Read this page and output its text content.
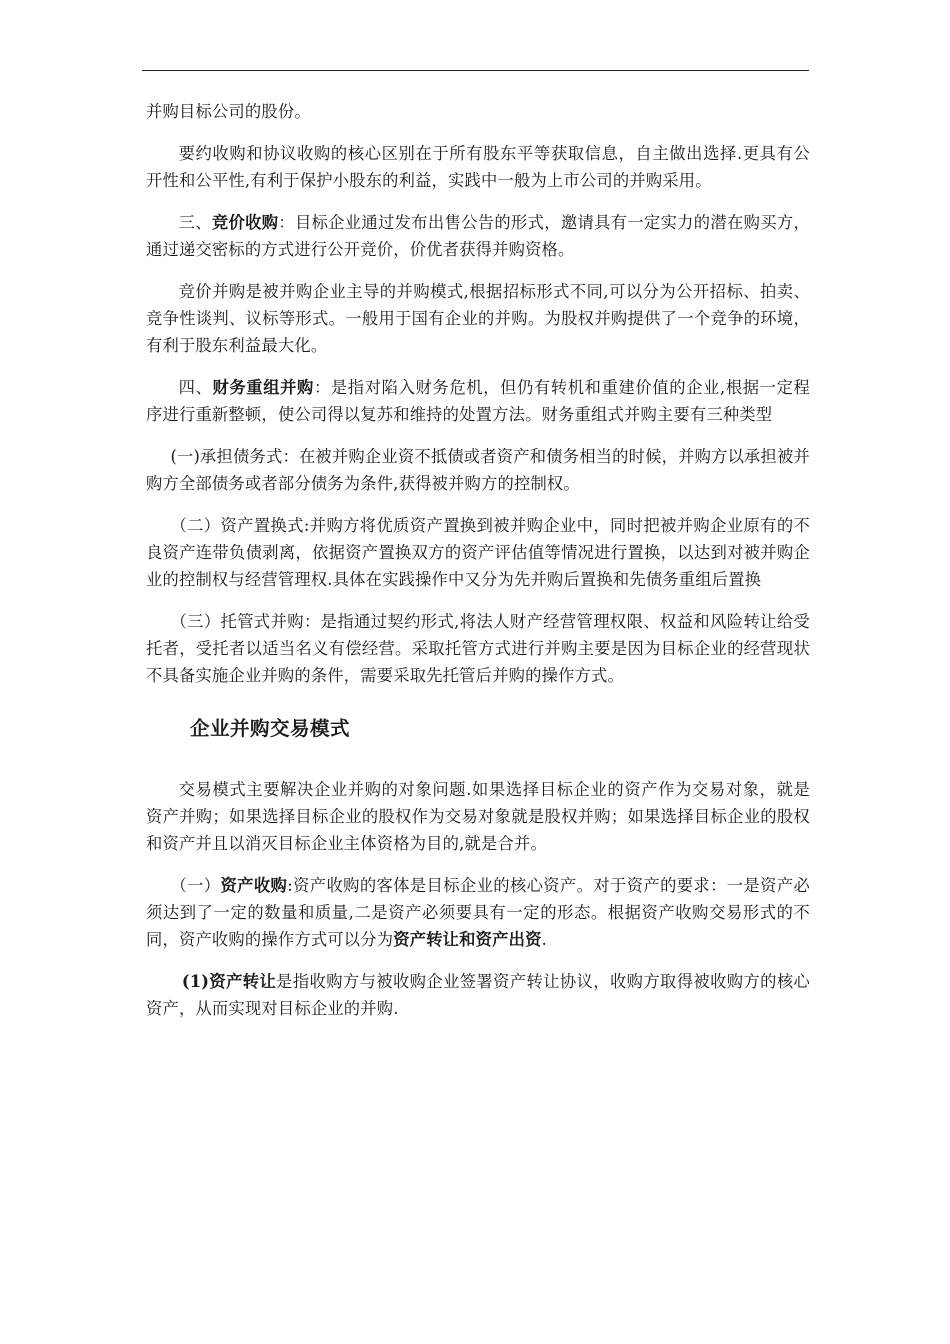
并购目标公司的股份。

要约收购和协议收购的核心区别在于所有股东平等获取信息，自主做出选择.更具有公开性和公平性,有利于保护小股东的利益，实践中一般为上市公司的并购采用。

三、竞价收购：目标企业通过发布出售公告的形式，邀请具有一定实力的潜在购买方，通过递交密标的方式进行公开竞价，价优者获得并购资格。

竞价并购是被并购企业主导的并购模式,根据招标形式不同,可以分为公开招标、拍卖、竞争性谈判、议标等形式。一般用于国有企业的并购。为股权并购提供了一个竞争的环境，有利于股东利益最大化。

四、财务重组并购：是指对陷入财务危机，但仍有转机和重建价值的企业,根据一定程序进行重新整顿，使公司得以复苏和维持的处置方法。财务重组式并购主要有三种类型

(一)承担债务式：在被并购企业资不抵债或者资产和债务相当的时候，并购方以承担被并购方全部债务或者部分债务为条件,获得被并购方的控制权。

（二）资产置换式:并购方将优质资产置换到被并购企业中，同时把被并购企业原有的不良资产连带负债剥离，依据资产置换双方的资产评估值等情况进行置换，以达到对被并购企业的控制权与经营管理权.具体在实践操作中又分为先并购后置换和先债务重组后置换

（三）托管式并购：是指通过契约形式,将法人财产经营管理权限、权益和风险转让给受托者，受托者以适当名义有偿经营。采取托管方式进行并购主要是因为目标企业的经营现状不具备实施企业并购的条件，需要采取先托管后并购的操作方式。

企业并购交易模式

交易模式主要解决企业并购的对象问题.如果选择目标企业的资产作为交易对象，就是资产并购；如果选择目标企业的股权作为交易对象就是股权并购；如果选择目标企业的股权和资产并且以消灭目标企业主体资格为目的,就是合并。

（一）资产收购:资产收购的客体是目标企业的核心资产。对于资产的要求：一是资产必须达到了一定的数量和质量,二是资产必须要具有一定的形态。根据资产收购交易形式的不同，资产收购的操作方式可以分为资产转让和资产出资.

(1)资产转让是指收购方与被收购企业签署资产转让协议，收购方取得被收购方的核心资产，从而实现对目标企业的并购.
